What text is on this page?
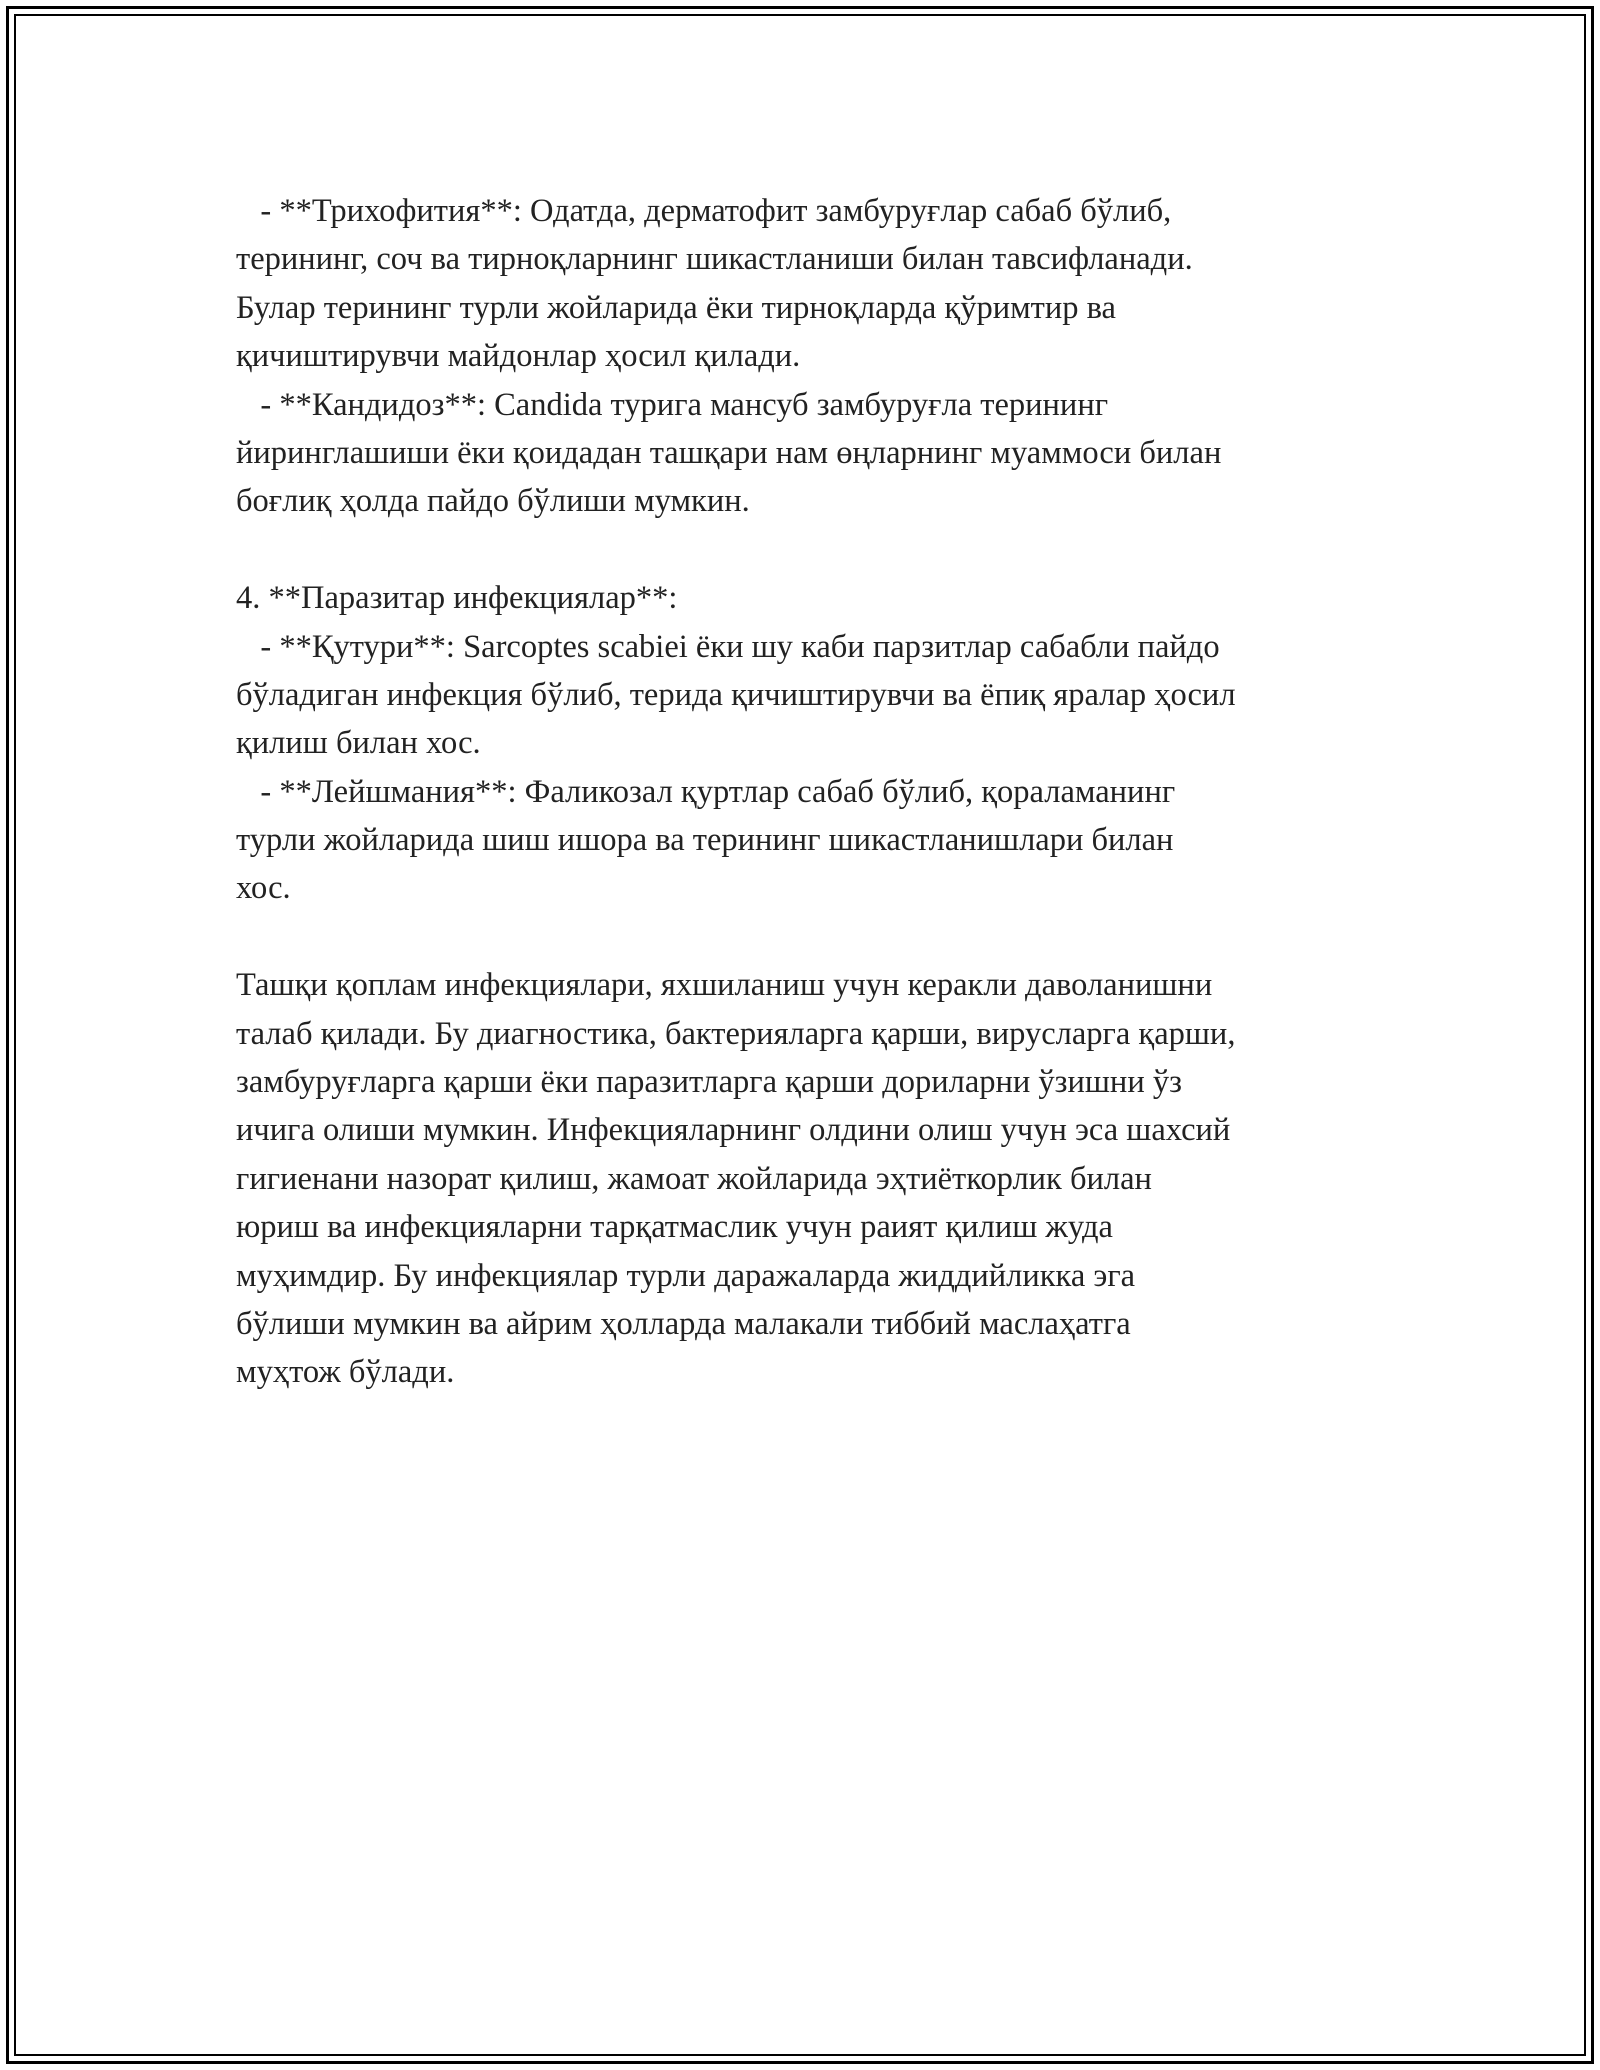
- **Трихофития**: Одатда, дерматофит замбуруғлар сабаб бўлиб,
терининг, соч ва тирноқларнинг шикастланиши билан тавсифланади.
Булар терининг турли жойларида ёки тирноқларда қўримтир ва
қичиштирувчи майдонлар ҳосил қилади.
- **Кандидоз**: Candida турига мансуб замбуруғла терининг
йиринглашиши ёки қоидадан ташқари нам өңларнинг муаммоси билан
боғлиқ ҳолда пайдо бўлиши мумкин.
4. **Паразитар инфекциялар**:
- **Қутури**: Sarcoptes scabiei ёки шу каби парзитлар сабабли пайдо
бўладиган инфекция бўлиб, терида қичиштирувчи ва ёпиқ яралар ҳосил
қилиш билан хос.
- **Лейшмания**: Фаликозал қуртлар сабаб бўлиб, қораламанинг
турли жойларида шиш ишора ва терининг шикастланишлари билан
хос.
Ташқи қоплам инфекциялари, яхшиланиш учун керакли даволанишни
талаб қилади. Бу диагностика, бактерияларга қарши, вирусларга қарши,
замбуруғларга қарши ёки паразитларга қарши дориларни ўзишни ўз
ичига олиши мумкин. Инфекцияларнинг олдини олиш учун эса шахсий
гигиенани назорат қилиш, жамоат жойларида эҳтиёткорлик билан
юриш ва инфекцияларни тарқатмаслик учун раият қилиш жуда
муҳимдир. Бу инфекциялар турли даражаларда жиддийликка эга
бўлиши мумкин ва айрим ҳолларда малакали тиббий маслаҳатга
муҳтож бўлади.
